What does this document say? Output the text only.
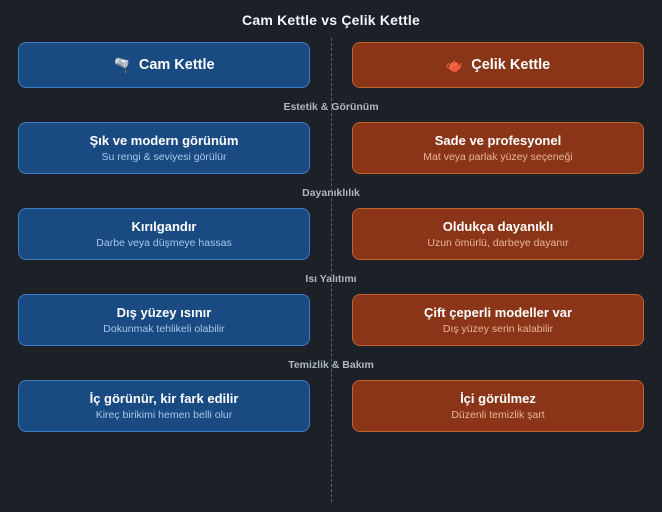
Cam Kettle vs Çelik Kettle
🫗 Cam Kettle	🫖 Çelik Kettle
Estetik & Görünüm
Şık ve modern görünüm
Su rengi & seviyesi görülür
Sade ve profesyonel
Mat veya parlak yüzey seçeneği
Dayanıklılık
Kırılgandır
Darbe veya düşmeye hassas
Oldukça dayanıklı
Uzun ömürlü, darbeye dayanır
Isı Yalıtımı
Dış yüzey ısınır
Dokunmak tehlikeli olabilir
Çift çeperli modeller var
Dış yüzey serin kalabilir
Temizlik & Bakım
İç görünür, kir fark edilir
Kireç birikimi hemen belli olur
İçi görülmez
Düzenli temizlik şart
